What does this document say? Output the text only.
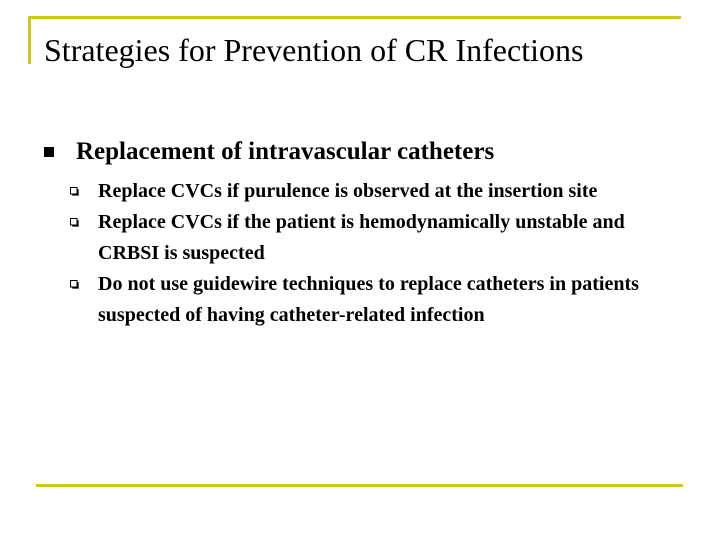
Strategies for Prevention of CR Infections
Replacement of intravascular catheters
Replace CVCs if purulence is observed at the insertion site
Replace CVCs if the patient is hemodynamically unstable and CRBSI is suspected
Do not use guidewire techniques to replace catheters in patients suspected of having catheter-related infection
